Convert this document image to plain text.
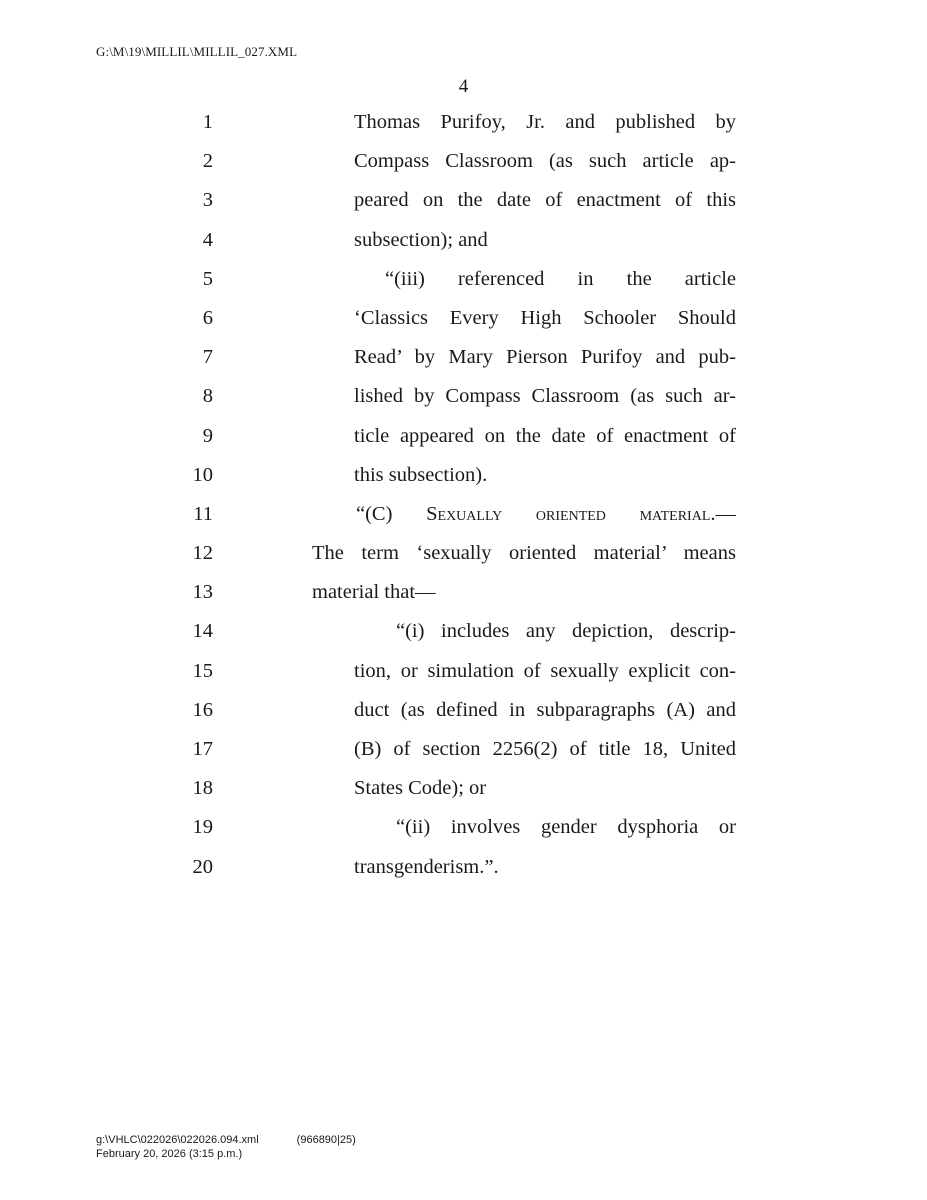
G:\M\19\MILLIL\MILLIL_027.XML
4
1	Thomas Purifoy, Jr. and published by
2	Compass Classroom (as such article ap-
3	peared on the date of enactment of this
4	subsection); and
5	“(iii) referenced in the article
6	‘Classics Every High Schooler Should
7	Read’ by Mary Pierson Purifoy and pub-
8	lished by Compass Classroom (as such ar-
9	ticle appeared on the date of enactment of
10	this subsection).
11	“(C) Sexually oriented material.—
12	The term ‘sexually oriented material’ means
13	material that—
14	“(i) includes any depiction, descrip-
15	tion, or simulation of sexually explicit con-
16	duct (as defined in subparagraphs (A) and
17	(B) of section 2256(2) of title 18, United
18	States Code); or
19	“(ii) involves gender dysphoria or
20	transgenderism.”.
g:\VHLC\022026\022026.094.xml	(966890|25)
February 20, 2026 (3:15 p.m.)
